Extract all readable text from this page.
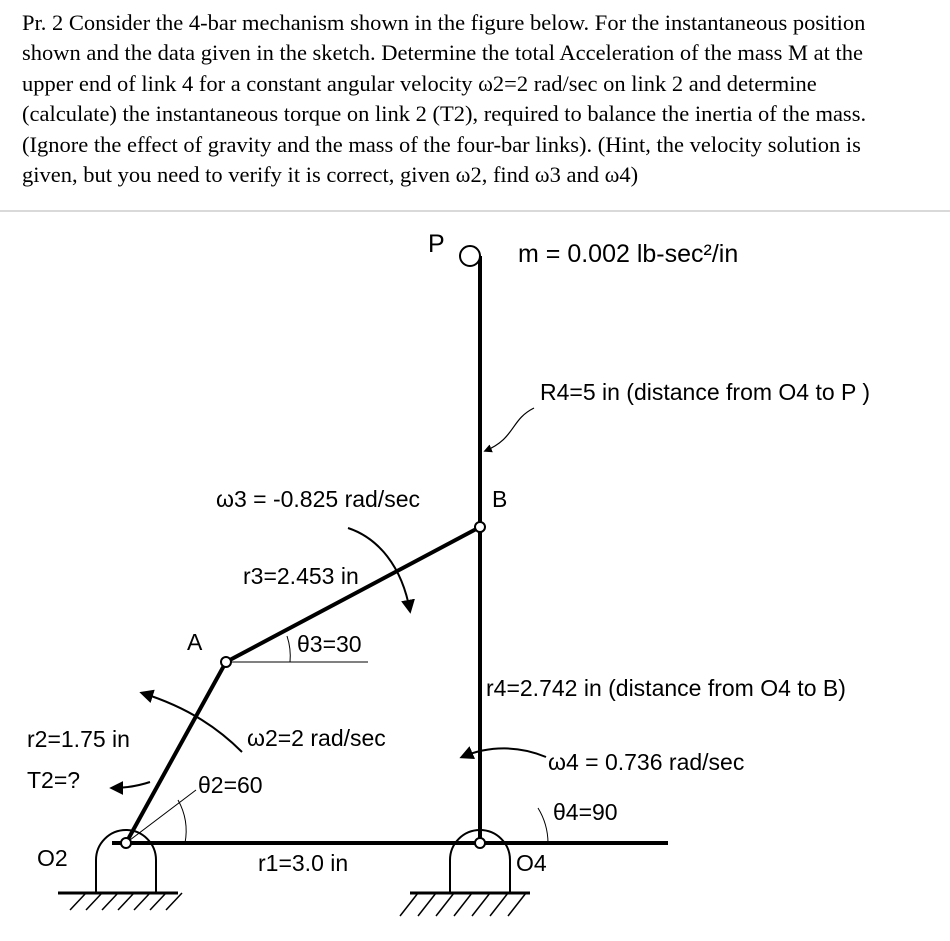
Pr. 2 Consider the 4-bar mechanism shown in the figure below. For the instantaneous position
shown and the data given in the sketch. Determine the total Acceleration of the mass M at the
upper end of link 4 for a constant angular velocity ω2=2 rad/sec on link 2 and determine
(calculate) the instantaneous torque on link 2 (T2), required to balance the inertia of the mass.
(Ignore the effect of gravity and the mass of the four-bar links). (Hint, the velocity solution is
given, but you need to verify it is correct, given ω2, find ω3 and ω4)
P	m = 0.002 lb-sec²/in
R4=5 in (distance from O4 to P )
ω3 = -0.825 rad/sec	B
r3=2.453 in
A	θ3=30
r4=2.742 in (distance from O4 to B)
r2=1.75 in	ω2=2 rad/sec
ω4 = 0.736 rad/sec
T2=?	θ2=60
θ4=90
O2	r1=3.0 in	O4
